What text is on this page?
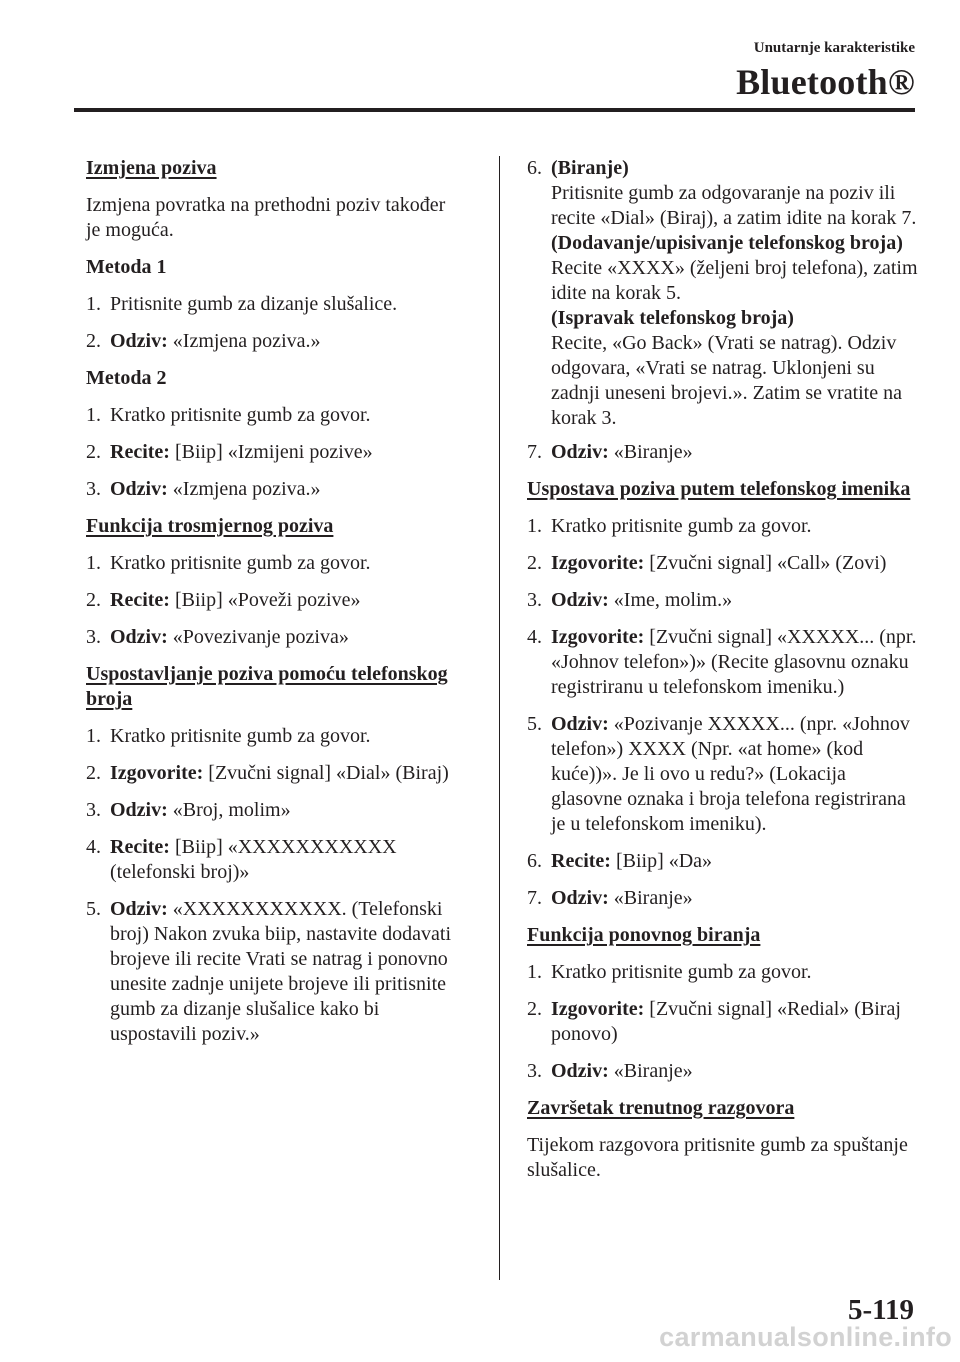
Unutarnje karakteristike
Bluetooth®
Izmjena poziva
Izmjena povratka na prethodni poziv također je moguća.
Metoda 1
1. Pritisnite gumb za dizanje slušalice.
2. Odziv: «Izmjena poziva.»
Metoda 2
1. Kratko pritisnite gumb za govor.
2. Recite: [Biip] «Izmijeni pozive»
3. Odziv: «Izmjena poziva.»
Funkcija trosmjernog poziva
1. Kratko pritisnite gumb za govor.
2. Recite: [Biip] «Poveži pozive»
3. Odziv: «Povezivanje poziva»
Uspostavljanje poziva pomoću telefonskog broja
1. Kratko pritisnite gumb za govor.
2. Izgovorite: [Zvučni signal] «Dial» (Biraj)
3. Odziv: «Broj, molim»
4. Recite: [Biip] «XXXXXXXXXXX (telefonski broj)»
5. Odziv: «XXXXXXXXXXX. (Telefonski broj) Nakon zvuka biip, nastavite dodavati brojeve ili recite Vrati se natrag i ponovno unesite zadnje unijete brojeve ili pritisnite gumb za dizanje slušalice kako bi uspostavili poziv.»
6. (Biranje)
Pritisnite gumb za odgovaranje na poziv ili recite «Dial» (Biraj), a zatim idite na korak 7.
(Dodavanje/upisivanje telefonskog broja)
Recite «XXXX» (željeni broj telefona), zatim idite na korak 5.
(Ispravak telefonskog broja)
Recite, «Go Back» (Vrati se natrag). Odziv odgovara, «Vrati se natrag. Uklonjeni su zadnji uneseni brojevi.». Zatim se vratite na korak 3.
7. Odziv: «Biranje»
Uspostava poziva putem telefonskog imenika
1. Kratko pritisnite gumb za govor.
2. Izgovorite: [Zvučni signal] «Call» (Zovi)
3. Odziv: «Ime, molim.»
4. Izgovorite: [Zvučni signal] «XXXXX... (npr. «Johnov telefon»)» (Recite glasovnu oznaku registriranu u telefonskom imeniku.)
5. Odziv: «Pozivanje XXXXX... (npr. «Johnov telefon») XXXX (Npr. «at home» (kod kuće))». Je li ovo u redu?» (Lokacija glasovne oznaka i broja telefona registrirana je u telefonskom imeniku).
6. Recite: [Biip] «Da»
7. Odziv: «Biranje»
Funkcija ponovnog biranja
1. Kratko pritisnite gumb za govor.
2. Izgovorite: [Zvučni signal] «Redial» (Biraj ponovo)
3. Odziv: «Biranje»
Završetak trenutnog razgovora
Tijekom razgovora pritisnite gumb za spuštanje slušalice.
5-119
carmanualsonline.info
